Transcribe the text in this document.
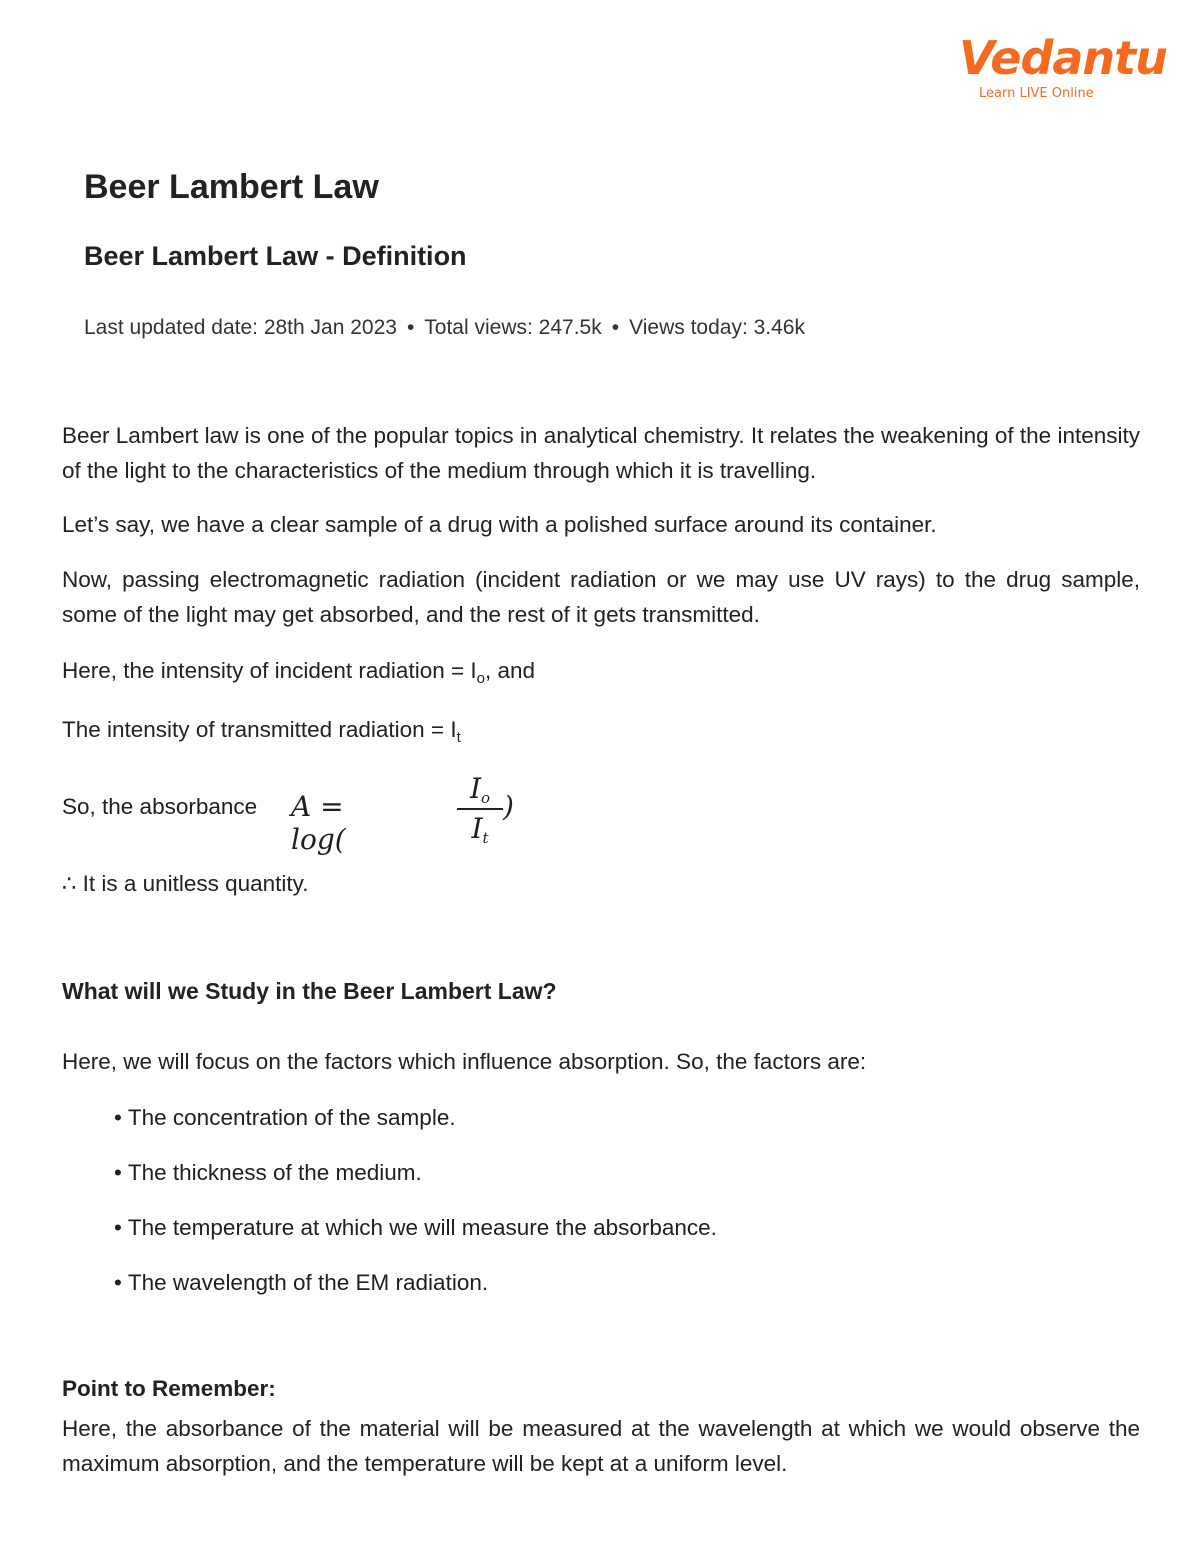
Vedantu
Learn LIVE Online
Beer Lambert Law
Beer Lambert Law - Definition
Last updated date: 28th Jan 2023 • Total views: 247.5k • Views today: 3.46k

Beer Lambert law is one of the popular topics in analytical chemistry. It relates the weakening of the intensity of the light to the characteristics of the medium through which it is travelling.

Let’s say, we have a clear sample of a drug with a polished surface around its container.

Now, passing electromagnetic radiation (incident radiation or we may use UV rays) to the drug sample, some of the light may get absorbed, and the rest of it gets transmitted.

Here, the intensity of incident radiation = $I_o$, and

The intensity of transmitted radiation = $I_t$

So, the absorbance A = log(	$\frac{I_o}{I_t}$ )

∴ It is a unitless quantity.

What will we Study in the Beer Lambert Law?

Here, we will focus on the factors which influence absorption. So, the factors are:

• The concentration of the sample.
• The thickness of the medium.
• The temperature at which we will measure the absorbance.
• The wavelength of the EM radiation.

Point to Remember:

Here, the absorbance of the material will be measured at the wavelength at which we would observe the maximum absorption, and the temperature will be kept at a uniform level.
